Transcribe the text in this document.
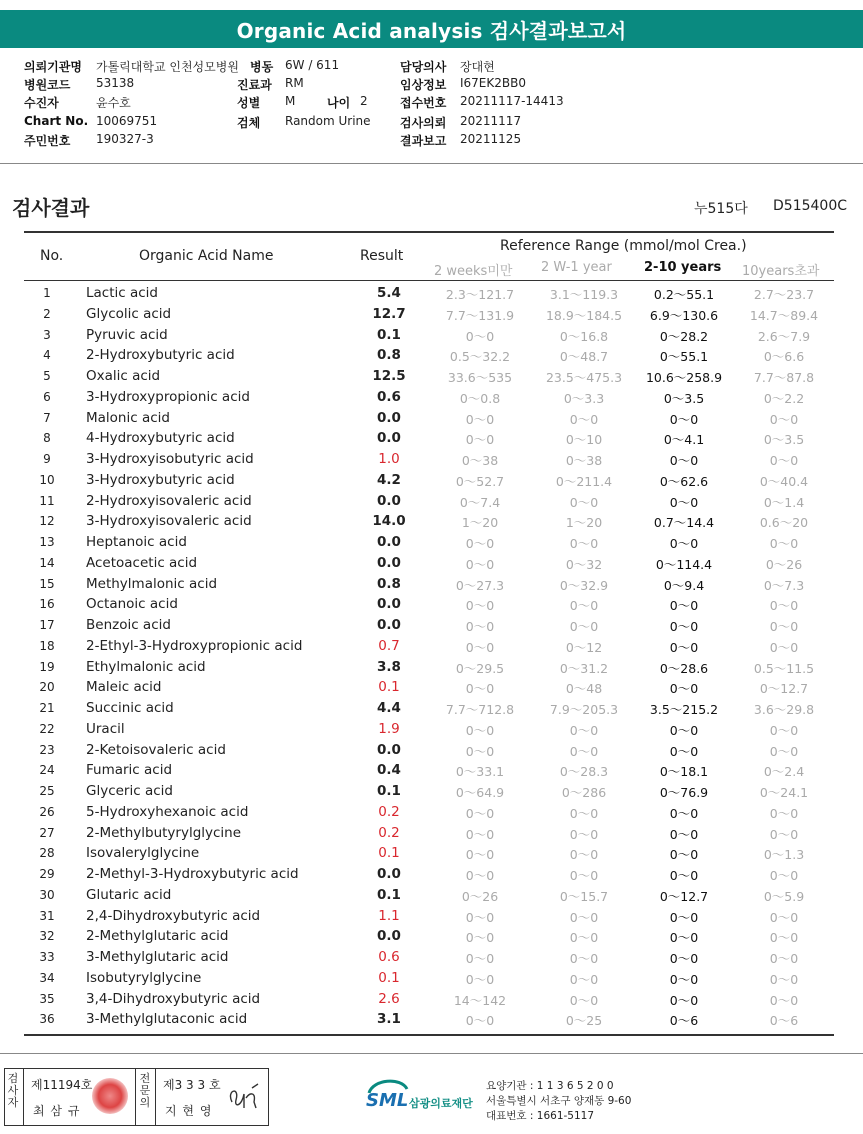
Organic Acid analysis 검사결과보고서
의뢰기관명 가톨릭대학교 인천성모병원 병동 6W / 611	담당의사 장대현
병원코드 53138	진료과 RM	임상정보 I67EK2BB0
수진자	윤수호	성별 M	나이 2	접수번호 20211117-14413
Chart No. 10069751	검체 Random Urine 검사의뢰 20211117
주민번호 190327-3	결과보고 20211125
검사결과	누515다 D515400C
No.	Organic Acid Name	Result
Reference Range (mmol/mol Crea.)
2 weeks미만 2 W-1 year 2-10 years 10years초과
1	Lactic acid	5.4	2.3～121.7	3.1～119.3	0.2～55.1	2.7～23.7
2	Glycolic acid	12.7	7.7～131.9	18.9～184.5	6.9～130.6	14.7～89.4
3	Pyruvic acid	0.1	0～0	0～16.8	0～28.2	2.6～7.9
4	2-Hydroxybutyric acid	0.8	0.5～32.2	0～48.7	0～55.1	0～6.6
5	Oxalic acid	12.5	33.6～535	23.5～475.3	10.6～258.9	7.7～87.8
6	3-Hydroxypropionic acid	0.6	0～0.8	0～3.3	0～3.5	0～2.2
7	Malonic acid	0.0	0～0	0～0	0～0	0～0
8	4-Hydroxybutyric acid	0.0	0～0	0～10	0～4.1	0～3.5
9	3-Hydroxyisobutyric acid	1.0	0～38	0～38	0～0	0～0
10	3-Hydroxybutyric acid	4.2	0～52.7	0～211.4	0～62.6	0～40.4
11	2-Hydroxyisovaleric acid	0.0	0～7.4	0～0	0～0	0～1.4
12	3-Hydroxyisovaleric acid	14.0	1～20	1～20	0.7～14.4	0.6～20
13	Heptanoic acid	0.0	0～0	0～0	0～0	0～0
14	Acetoacetic acid	0.0	0～0	0～32	0～114.4	0～26
15	Methylmalonic acid	0.8	0～27.3	0～32.9	0～9.4	0～7.3
16	Octanoic acid	0.0	0～0	0～0	0～0	0～0
17	Benzoic acid	0.0	0～0	0～0	0～0	0～0
18	2-Ethyl-3-Hydroxypropionic acid	0.7	0～0	0～12	0～0	0～0
19	Ethylmalonic acid	3.8	0～29.5	0～31.2	0～28.6	0.5～11.5
20	Maleic acid	0.1	0～0	0～48	0～0	0～12.7
21	Succinic acid	4.4	7.7～712.8	7.9～205.3	3.5～215.2	3.6～29.8
22	Uracil	1.9	0～0	0～0	0～0	0～0
23	2-Ketoisovaleric acid	0.0	0～0	0～0	0～0	0～0
24	Fumaric acid	0.4	0～33.1	0～28.3	0～18.1	0～2.4
25	Glyceric acid	0.1	0～64.9	0～286	0～76.9	0～24.1
26	5-Hydroxyhexanoic acid	0.2	0～0	0～0	0～0	0～0
27	2-Methylbutyrylglycine	0.2	0～0	0～0	0～0	0～0
28	Isovalerylglycine	0.1	0～0	0～0	0～0	0～1.3
29	2-Methyl-3-Hydroxybutyric acid	0.0	0～0	0～0	0～0	0～0
30	Glutaric acid	0.1	0～26	0～15.7	0～12.7	0～5.9
31	2,4-Dihydroxybutyric acid	1.1	0～0	0～0	0～0	0～0
32	2-Methylglutaric acid	0.0	0～0	0～0	0～0	0～0
33	3-Methylglutaric acid	0.6	0～0	0～0	0～0	0～0
34	Isobutyrylglycine	0.1	0～0	0～0	0～0	0～0
35	3,4-Dihydroxybutyric acid	2.6	14～142	0～0	0～0	0～0
36	3-Methylglutaconic acid	3.1	0～0	0～25	0～6	0～6
검사자
제11194호
최 삼 규
전문의
제3 3 3 호
지 현 영	SML 삼광의료재단
요양기관 : 1 1 3 6 5 2 0 0
서울특별시 서초구 양재동 9-60
대표번호 : 1661-5117
